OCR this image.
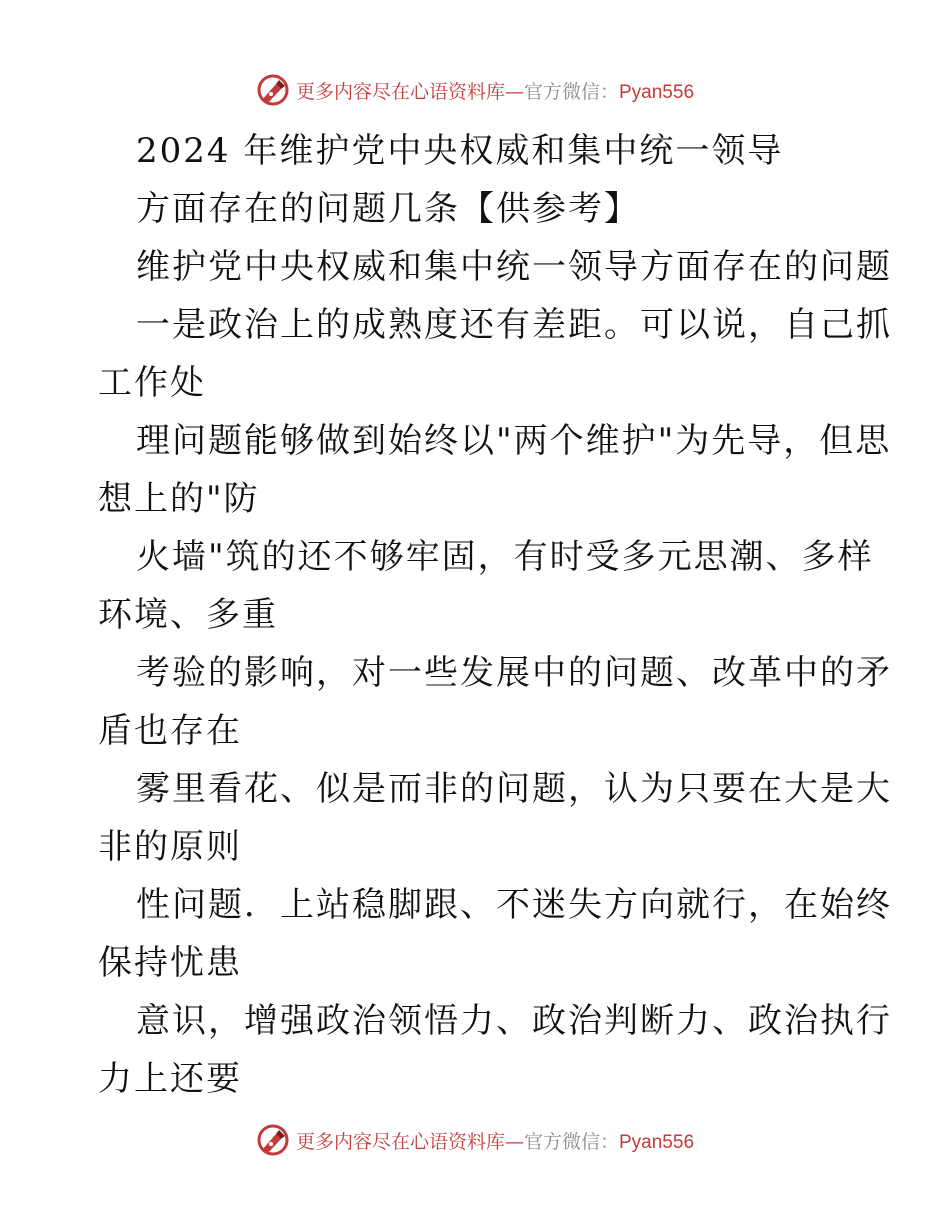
更多内容尽在心语资料库—官方微信：Pyan556
2024 年维护党中央权威和集中统一领导
方面存在的问题几条【供参考】
维护党中央权威和集中统一领导方面存在的问题
一是政治上的成熟度还有差距。可以说，自己抓
工作处
理问题能够做到始终以"两个维护"为先导，但思
想上的"防
火墙"筑的还不够牢固，有时受多元思潮、多样
环境、多重
考验的影响，对一些发展中的问题、改革中的矛
盾也存在
雾里看花、似是而非的问题，认为只要在大是大
非的原则
性问题．上站稳脚跟、不迷失方向就行，在始终
保持忧患
意识，增强政治领悟力、政治判断力、政治执行
力上还要
更多内容尽在心语资料库—官方微信：Pyan556
